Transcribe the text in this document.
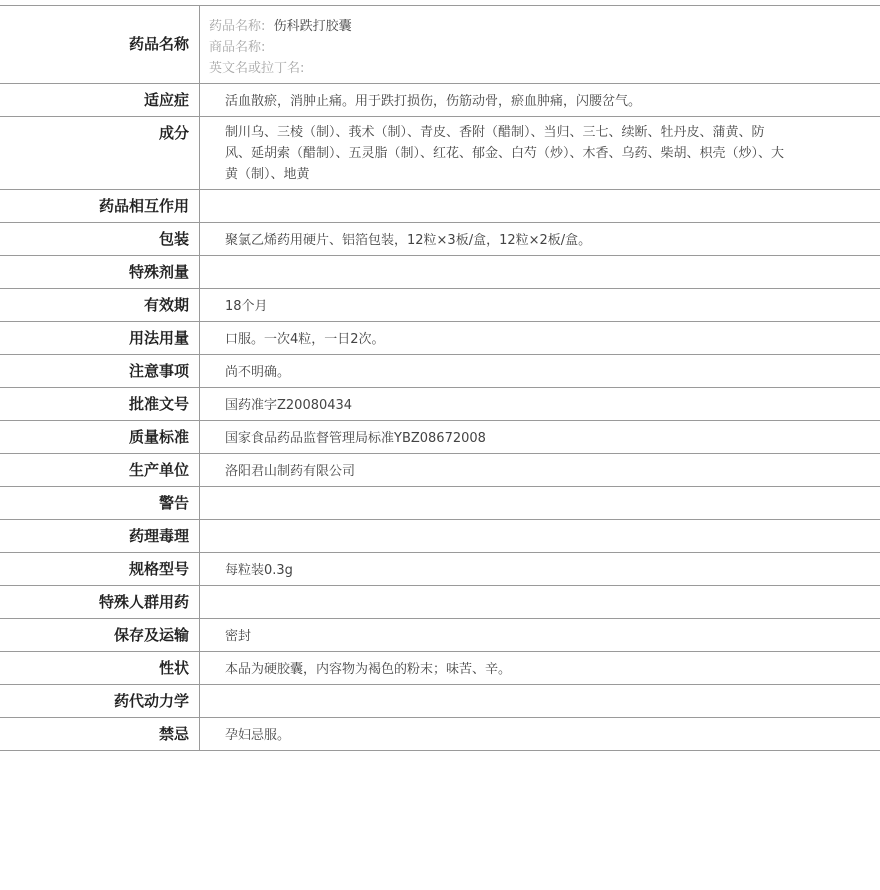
药品名称
药品名称: 伤科跌打胶囊
商品名称:
英文名或拉丁名:
适应症	活血散瘀，消肿止痛。用于跌打损伤，伤筋动骨，瘀血肿痛，闪腰岔气。
成分	制川乌、三棱（制）、莪术（制）、青皮、香附（醋制）、当归、三七、续断、牡丹皮、蒲黄、防风、延胡索（醋制）、五灵脂（制）、红花、郁金、白芍（炒）、木香、乌药、柴胡、枳壳（炒）、大黄（制）、地黄
药品相互作用
包装	聚氯乙烯药用硬片、铝箔包装，12粒×3板/盒，12粒×2板/盒。
特殊剂量
有效期	18个月
用法用量	口服。一次4粒，一日2次。
注意事项	尚不明确。
批准文号	国药准字Z20080434
质量标准	国家食品药品监督管理局标准YBZ08672008
生产单位	洛阳君山制药有限公司
警告
药理毒理
规格型号	每粒装0.3g
特殊人群用药
保存及运输	密封
性状	本品为硬胶囊，内容物为褐色的粉末；味苦、辛。
药代动力学
禁忌	孕妇忌服。
